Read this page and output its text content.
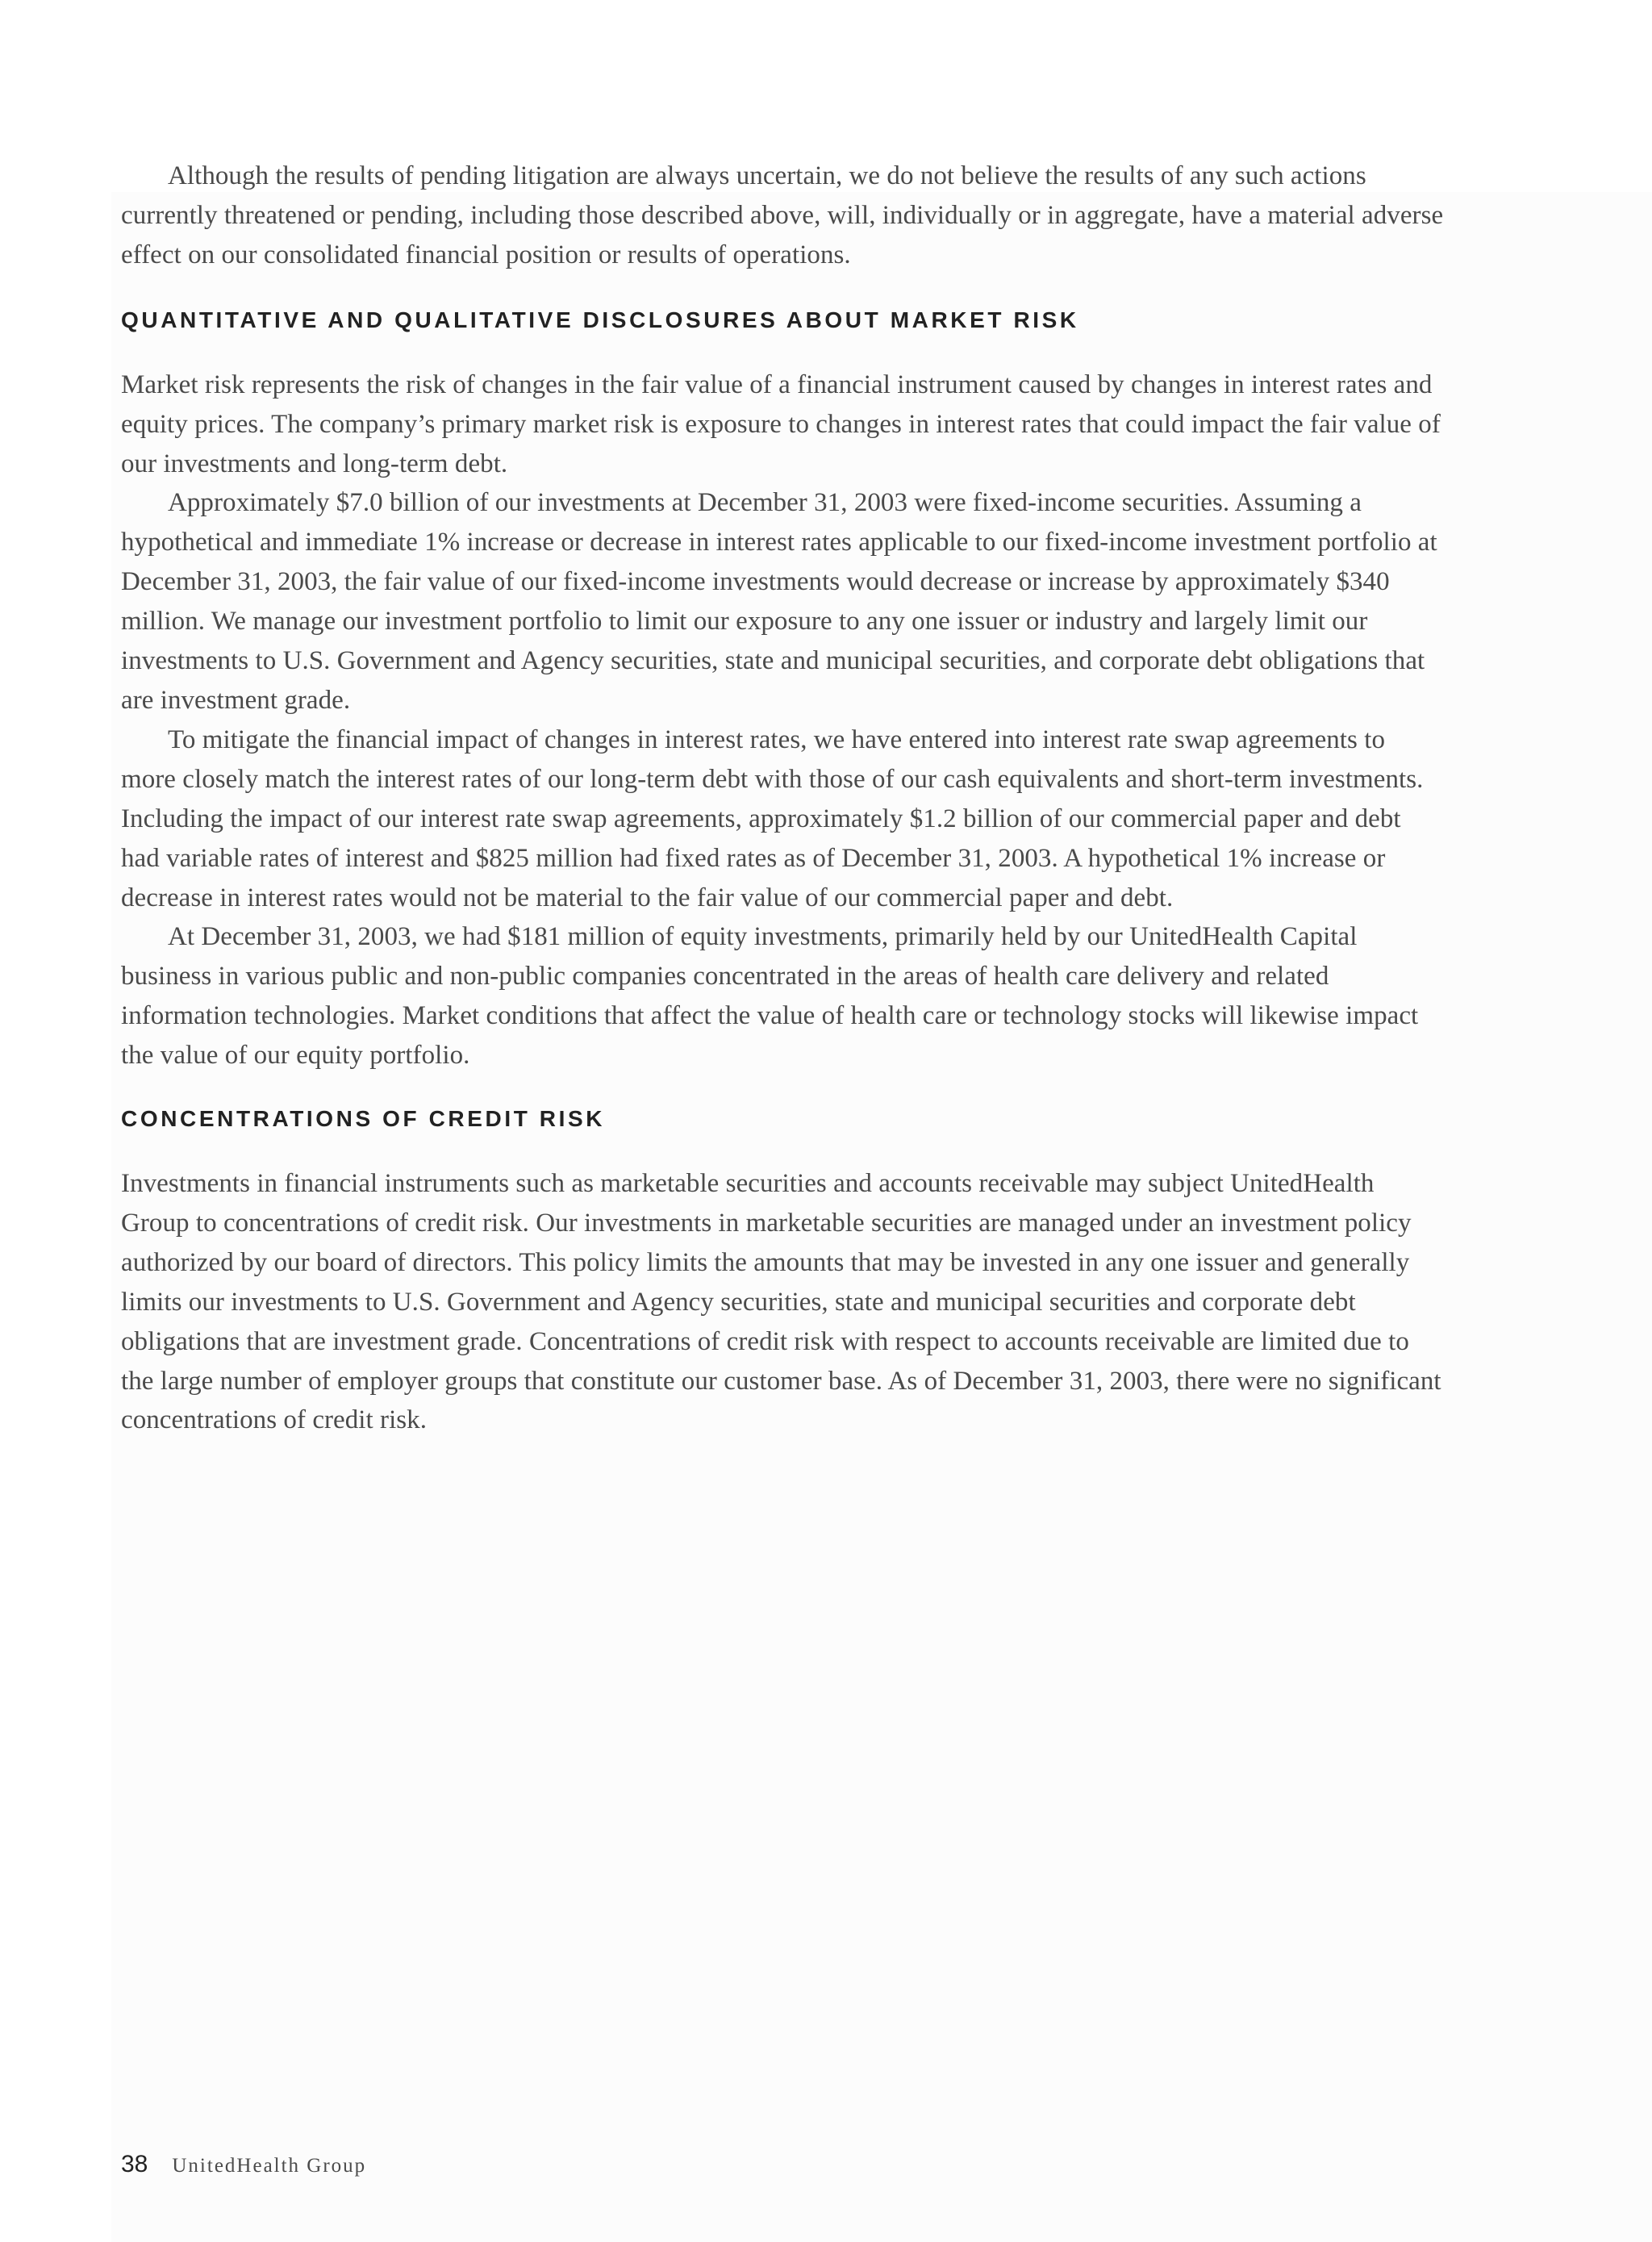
Although the results of pending litigation are always uncertain, we do not believe the results of any such actions currently threatened or pending, including those described above, will, individually or in aggregate, have a material adverse effect on our consolidated financial position or results of operations.

QUANTITATIVE AND QUALITATIVE DISCLOSURES ABOUT MARKET RISK

Market risk represents the risk of changes in the fair value of a financial instrument caused by changes in interest rates and equity prices. The company’s primary market risk is exposure to changes in interest rates that could impact the fair value of our investments and long-term debt.

Approximately $7.0 billion of our investments at December 31, 2003 were fixed-income securities. Assuming a hypothetical and immediate 1% increase or decrease in interest rates applicable to our fixed-income investment portfolio at December 31, 2003, the fair value of our fixed-income investments would decrease or increase by approximately $340 million. We manage our investment portfolio to limit our exposure to any one issuer or industry and largely limit our investments to U.S. Government and Agency securities, state and municipal securities, and corporate debt obligations that are investment grade.

To mitigate the financial impact of changes in interest rates, we have entered into interest rate swap agreements to more closely match the interest rates of our long-term debt with those of our cash equivalents and short-term investments. Including the impact of our interest rate swap agreements, approximately $1.2 billion of our commercial paper and debt had variable rates of interest and $825 million had fixed rates as of December 31, 2003. A hypothetical 1% increase or decrease in interest rates would not be material to the fair value of our commercial paper and debt.

At December 31, 2003, we had $181 million of equity investments, primarily held by our UnitedHealth Capital business in various public and non-public companies concentrated in the areas of health care delivery and related information technologies. Market conditions that affect the value of health care or technology stocks will likewise impact the value of our equity portfolio.

CONCENTRATIONS OF CREDIT RISK

Investments in financial instruments such as marketable securities and accounts receivable may subject UnitedHealth Group to concentrations of credit risk. Our investments in marketable securities are managed under an investment policy authorized by our board of directors. This policy limits the amounts that may be invested in any one issuer and generally limits our investments to U.S. Government and Agency securities, state and municipal securities and corporate debt obligations that are investment grade. Concentrations of credit risk with respect to accounts receivable are limited due to the large number of employer groups that constitute our customer base. As of December 31, 2003, there were no significant concentrations of credit risk.

38 UnitedHealth Group
